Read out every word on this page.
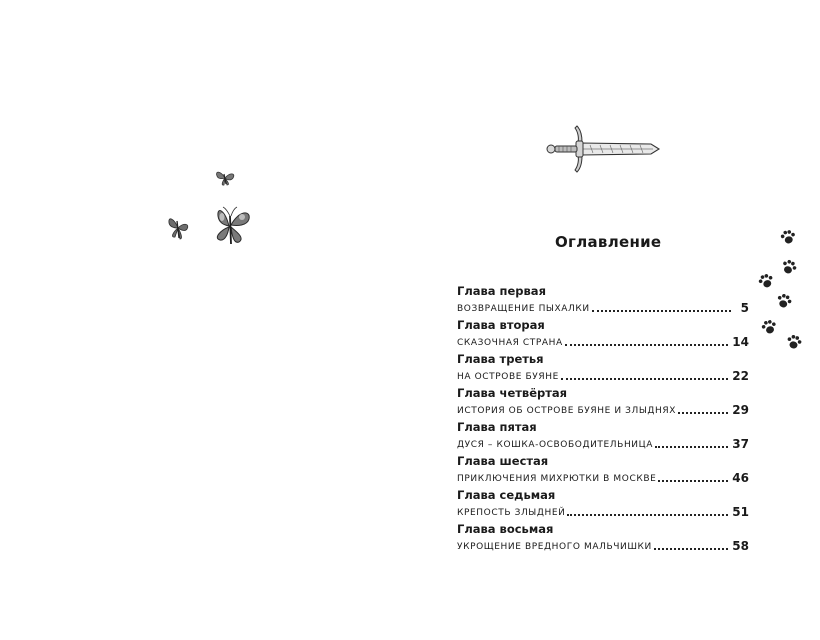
Оглавление
Глава первая
ВОЗВРАЩЕНИЕ ПЫХАЛКИ	5
Глава вторая
СКАЗОЧНАЯ СТРАНА	14
Глава третья
НА ОСТРОВЕ БУЯНЕ	22
Глава четвёртая
ИСТОРИЯ ОБ ОСТРОВЕ БУЯНЕ И ЗЛЫДНЯХ	29
Глава пятая
ДУСЯ – КОШКА-ОСВОБОДИТЕЛЬНИЦА	37
Глава шестая
ПРИКЛЮЧЕНИЯ МИХРЮТКИ В МОСКВЕ	46
Глава седьмая
КРЕПОСТЬ ЗЛЫДНЕЙ	51
Глава восьмая
УКРОЩЕНИЕ ВРЕДНОГО МАЛЬЧИШКИ	58
